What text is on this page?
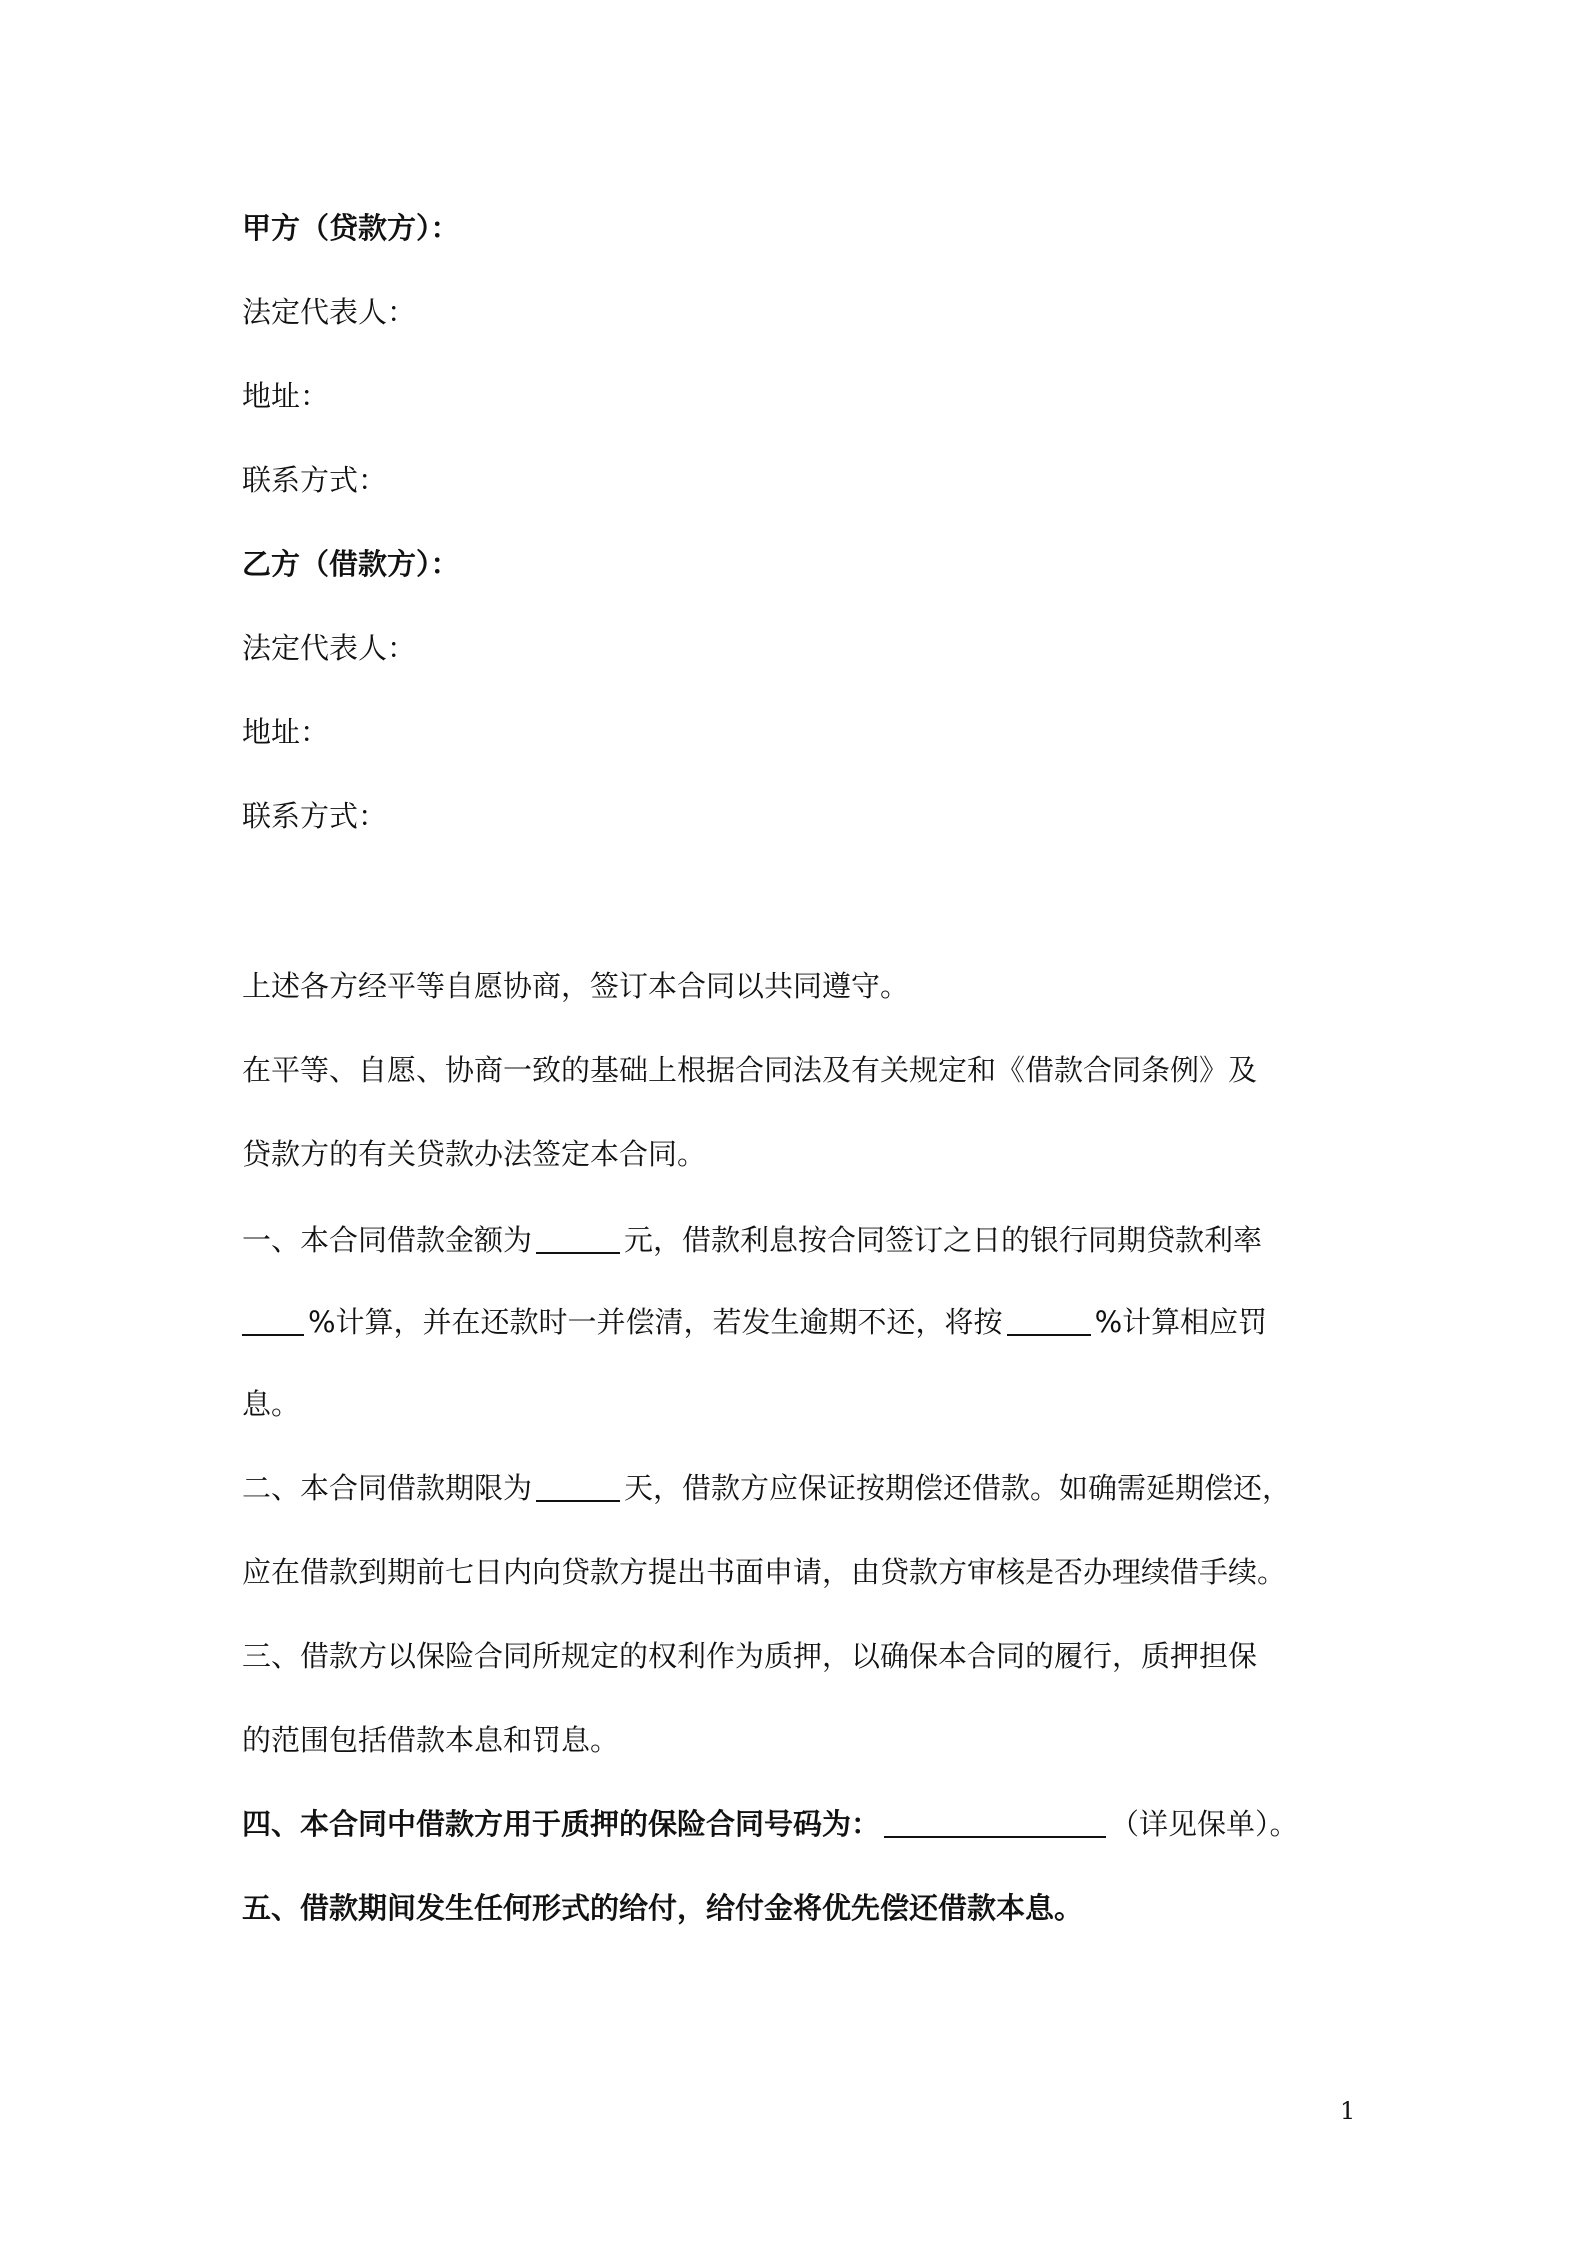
甲方（贷款方）：
法定代表人：
地址：
联系方式：
乙方（借款方）：
法定代表人：
地址：
联系方式：
上述各方经平等自愿协商，签订本合同以共同遵守。
在平等、自愿、协商一致的基础上根据合同法及有关规定和《借款合同条例》及
贷款方的有关贷款办法签定本合同。
一、本合同借款金额为	元，借款利息按合同签订之日的银行同期贷款利率
%计算，并在还款时一并偿清，若发生逾期不还，将按	%计算相应罚
息。
二、本合同借款期限为	天，借款方应保证按期偿还借款。如确需延期偿还，
应在借款到期前七日内向贷款方提出书面申请，由贷款方审核是否办理续借手续。
三、借款方以保险合同所规定的权利作为质押，以确保本合同的履行，质押担保
的范围包括借款本息和罚息。
四、本合同中借款方用于质押的保险合同号码为：	（详见保单）。
五、借款期间发生任何形式的给付，给付金将优先偿还借款本息。
1
